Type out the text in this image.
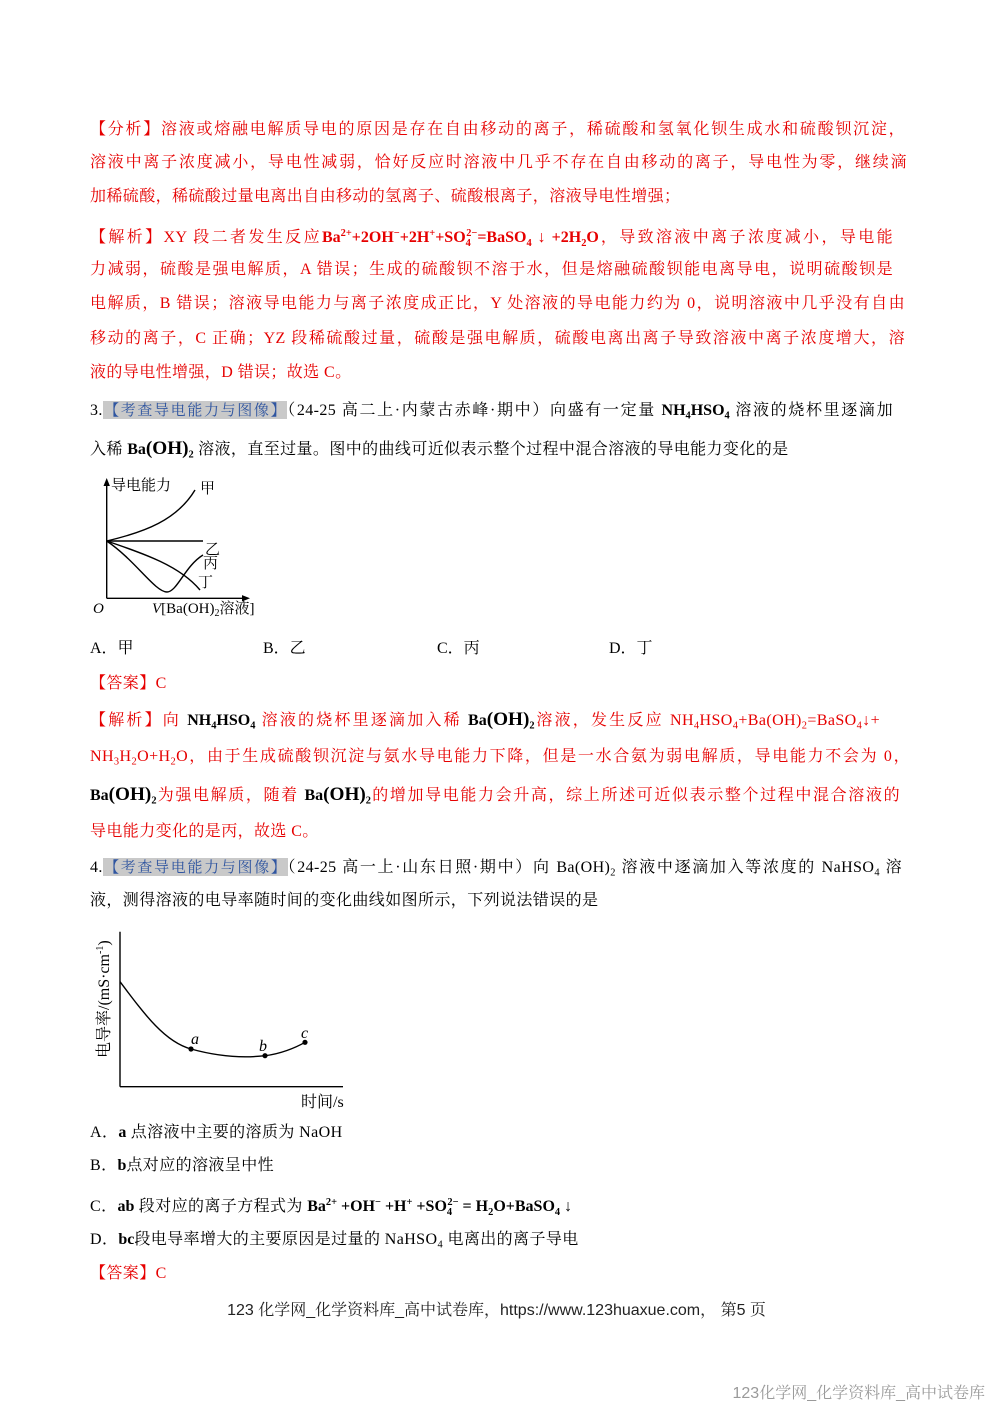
【分析】溶液或熔融电解质导电的原因是存在自由移动的离子，稀硫酸和氢氧化钡生成水和硫酸钡沉淀，
溶液中离子浓度减小，导电性减弱，恰好反应时溶液中几乎不存在自由移动的离子，导电性为零，继续滴
加稀硫酸，稀硫酸过量电离出自由移动的氢离子、硫酸根离子，溶液导电性增强；
【解析】XY 段二者发生反应$Ba^{2+}+2OH^-+2H^++SO_4^{2-}=BaSO_4$ ↓ $+2H_2O$，导致溶液中离子浓度减小，导电能
力减弱，硫酸是强电解质，A 错误；生成的硫酸钡不溶于水，但是熔融硫酸钡能电离导电，说明硫酸钡是
电解质，B 错误；溶液导电能力与离子浓度成正比，Y 处溶液的导电能力约为 0，说明溶液中几乎没有自由
移动的离子，C 正确；YZ 段稀硫酸过量，硫酸是强电解质，硫酸电离出离子导致溶液中离子浓度增大，溶
液的导电性增强，D 错误；故选 C。
3.【考查导电能力与图像】（24-25 高二上·内蒙古赤峰·期中）向盛有一定量 $NH_4HSO_4$ 溶液的烧杯里逐滴加
入稀 $Ba(OH)_2$ 溶液，直至过量。图中的曲线可近似表示整个过程中混合溶液的导电能力变化的是
导电能力 甲
乙
丙
丁
O	$V[Ba(OH)_2$溶液]
A．甲	B．乙	C．丙	D．丁
【答案】C
【解析】向 $NH_4HSO_4$ 溶液的烧杯里逐滴加入稀 $Ba(OH)_2$溶液，发生反应 $NH_4HSO_4+Ba(OH)_2=BaSO_4↓+$
$NH_3H_2O+H_2O$，由于生成硫酸钡沉淀与氨水导电能力下降，但是一水合氨为弱电解质，导电能力不会为 0，
$Ba(OH)_2$为强电解质，随着 $Ba(OH)_2$的增加导电能力会升高，综上所述可近似表示整个过程中混合溶液的
导电能力变化的是丙，故选 C。
4.【考查导电能力与图像】（24-25 高一上·山东日照·期中）向 $Ba(OH)_2$ 溶液中逐滴加入等浓度的 NaHSO$_4$ 溶
液，测得溶液的电导率随时间的变化曲线如图所示，下列说法错误的是
a	b
c
时间/s
电导率$/(mS\cdot cm^{-1})$
A．a 点溶液中主要的溶质为 NaOH
B．b点对应的溶液呈中性
C．ab 段对应的离子方程式为 $Ba^{2+} +OH^- +H^+ +SO_4^{2-}$ = $H_2O+BaSO_4$ ↓
D．bc段电导率增大的主要原因是过量的 NaHSO$_4$ 电离出的离子导电
【答案】C
123 化学网_化学资料库_高中试卷库，https://www.123huaxue.com， 第5 页
123化学网_化学资料库_高中试卷库
